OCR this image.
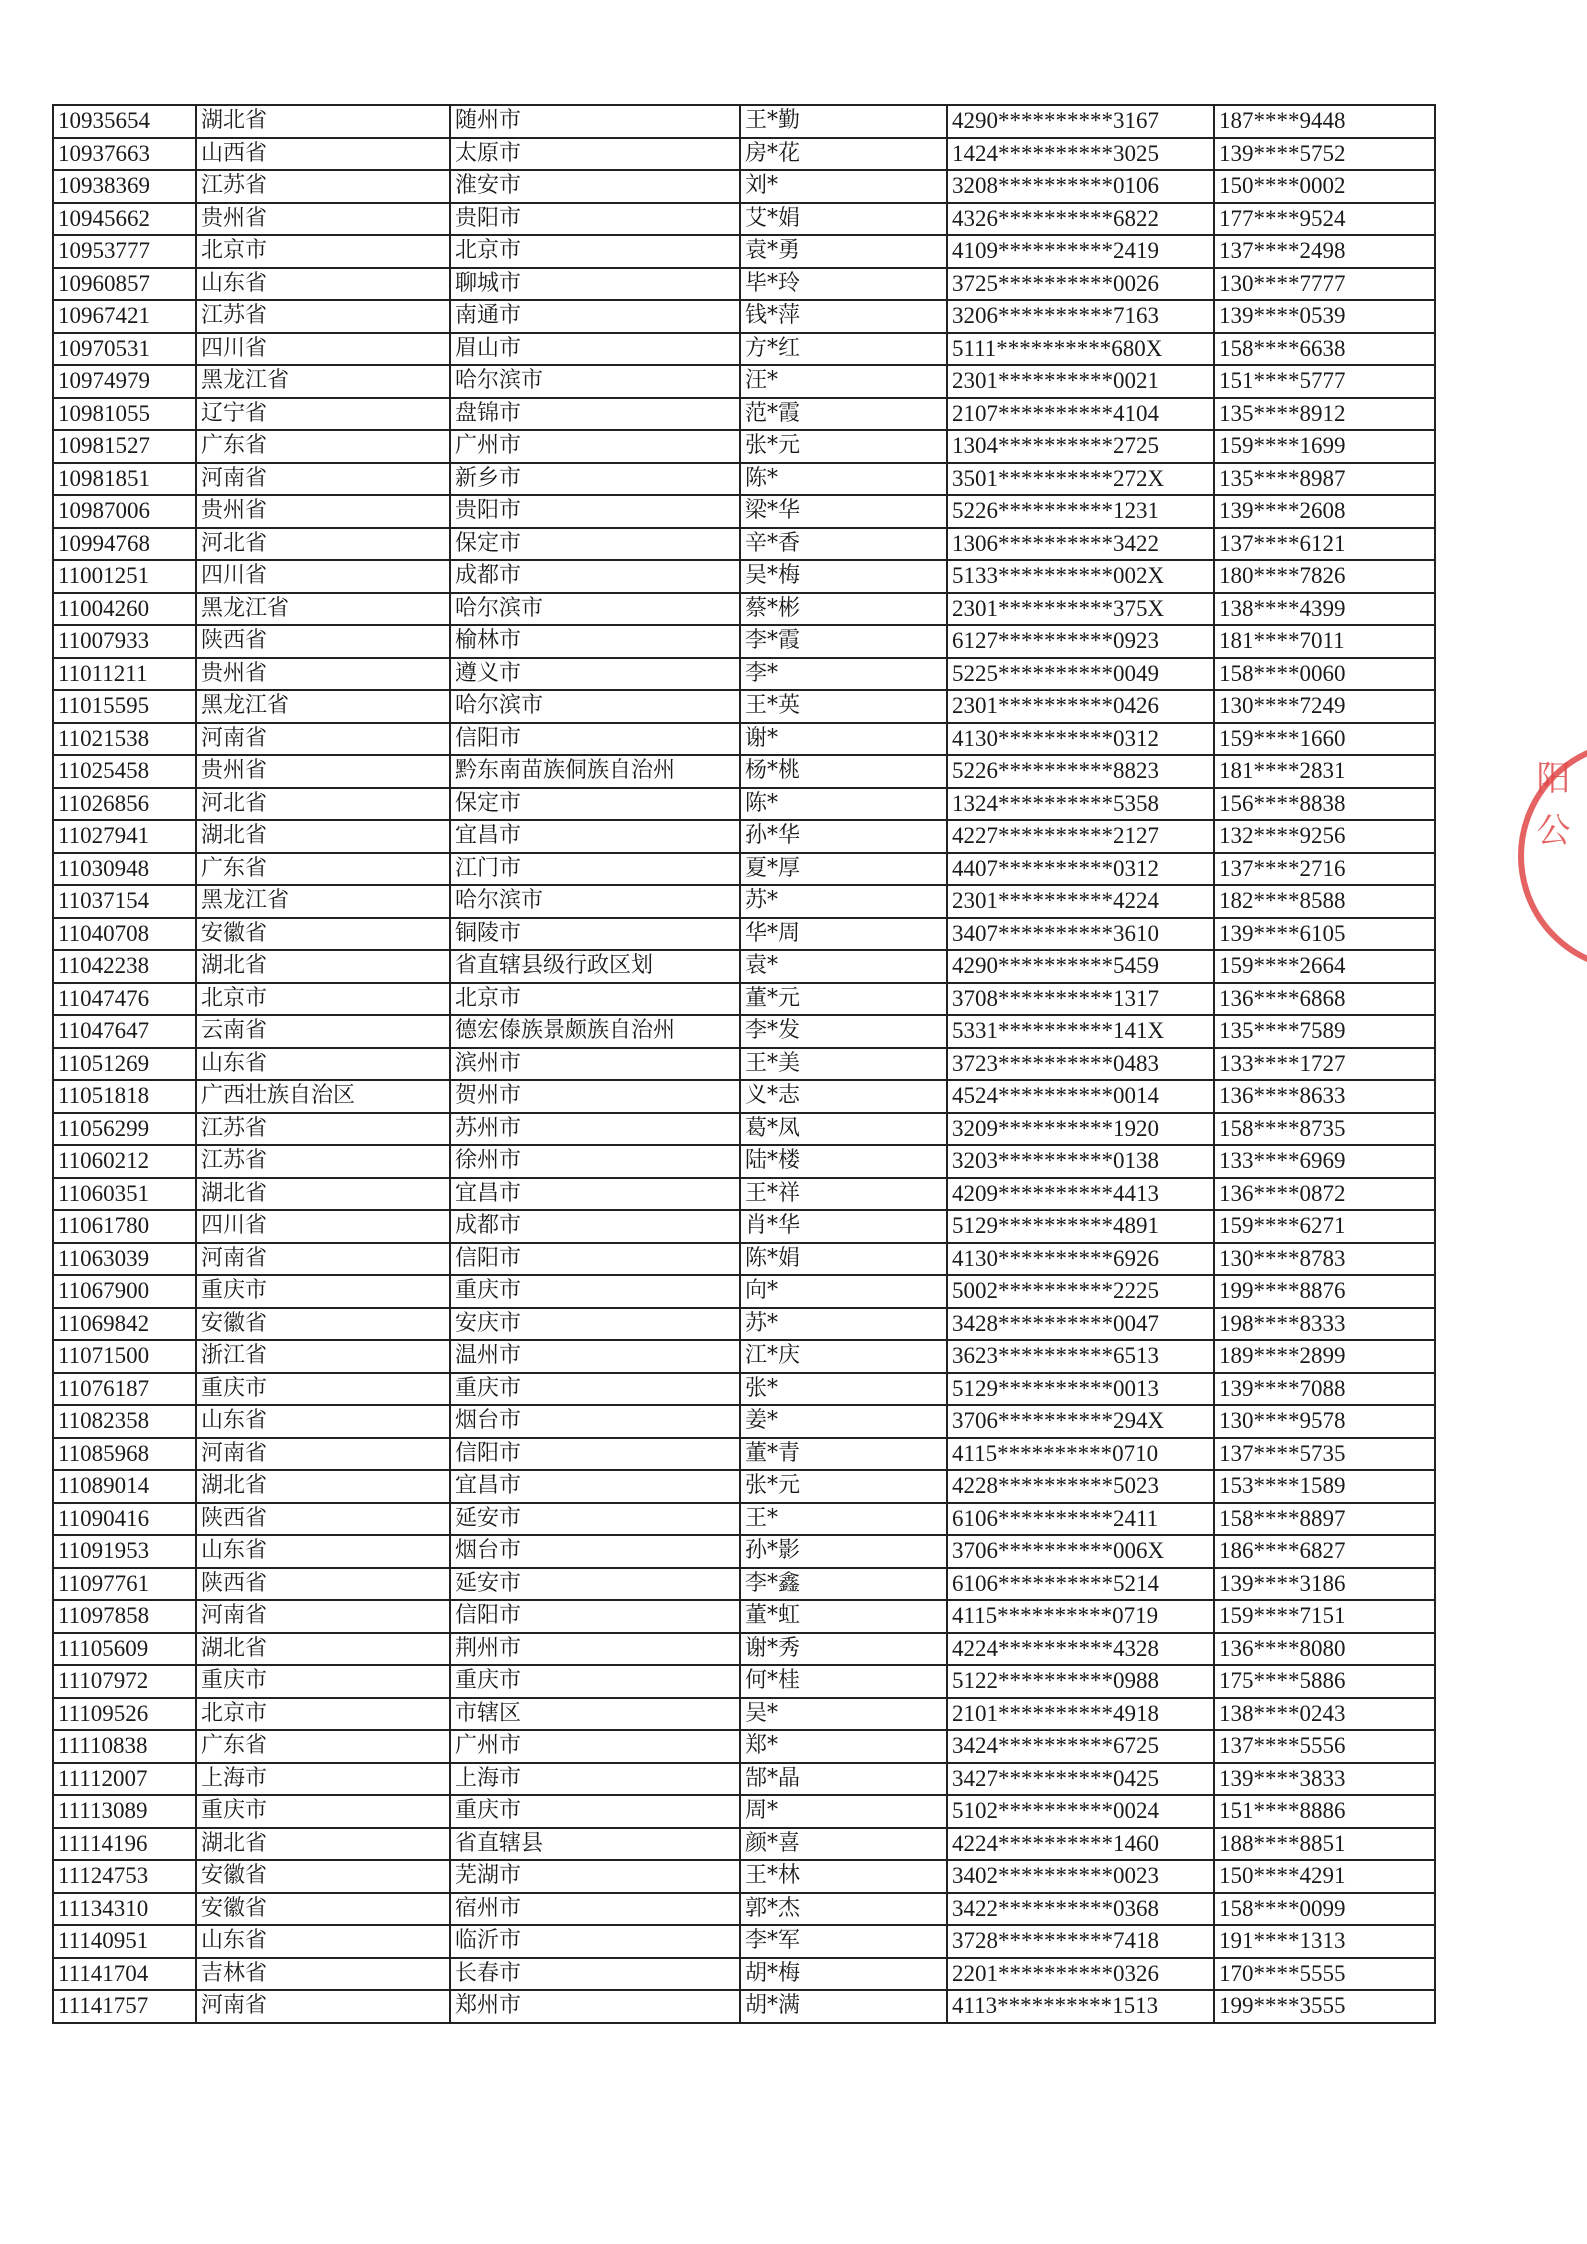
10935654	湖北省	随州市	王*勤	4290**********3167	187****9448
10937663	山西省	太原市	房*花	1424**********3025	139****5752
10938369	江苏省	淮安市	刘*	3208**********0106	150****0002
10945662	贵州省	贵阳市	艾*娟	4326**********6822	177****9524
10953777	北京市	北京市	袁*勇	4109**********2419	137****2498
10960857	山东省	聊城市	毕*玲	3725**********0026	130****7777
10967421	江苏省	南通市	钱*萍	3206**********7163	139****0539
10970531	四川省	眉山市	方*红	5111**********680X	158****6638
10974979	黑龙江省	哈尔滨市	汪*	2301**********0021	151****5777
10981055	辽宁省	盘锦市	范*霞	2107**********4104	135****8912
10981527	广东省	广州市	张*元	1304**********2725	159****1699
10981851	河南省	新乡市	陈*	3501**********272X	135****8987
10987006	贵州省	贵阳市	梁*华	5226**********1231	139****2608
10994768	河北省	保定市	辛*香	1306**********3422	137****6121
11001251	四川省	成都市	吴*梅	5133**********002X	180****7826
11004260	黑龙江省	哈尔滨市	蔡*彬	2301**********375X	138****4399
11007933	陕西省	榆林市	李*霞	6127**********0923	181****7011
11011211	贵州省	遵义市	李*	5225**********0049	158****0060
11015595	黑龙江省	哈尔滨市	王*英	2301**********0426	130****7249
11021538	河南省	信阳市	谢*	4130**********0312	159****1660
11025458	贵州省	黔东南苗族侗族自治州	杨*桃	5226**********8823	181****2831
11026856	河北省	保定市	陈*	1324**********5358	156****8838
11027941	湖北省	宜昌市	孙*华	4227**********2127	132****9256
11030948	广东省	江门市	夏*厚	4407**********0312	137****2716
11037154	黑龙江省	哈尔滨市	苏*	2301**********4224	182****8588
11040708	安徽省	铜陵市	华*周	3407**********3610	139****6105
11042238	湖北省	省直辖县级行政区划	袁*	4290**********5459	159****2664
11047476	北京市	北京市	董*元	3708**********1317	136****6868
11047647	云南省	德宏傣族景颇族自治州	李*发	5331**********141X	135****7589
11051269	山东省	滨州市	王*美	3723**********0483	133****1727
11051818	广西壮族自治区	贺州市	义*志	4524**********0014	136****8633
11056299	江苏省	苏州市	葛*凤	3209**********1920	158****8735
11060212	江苏省	徐州市	陆*楼	3203**********0138	133****6969
11060351	湖北省	宜昌市	王*祥	4209**********4413	136****0872
11061780	四川省	成都市	肖*华	5129**********4891	159****6271
11063039	河南省	信阳市	陈*娟	4130**********6926	130****8783
11067900	重庆市	重庆市	向*	5002**********2225	199****8876
11069842	安徽省	安庆市	苏*	3428**********0047	198****8333
11071500	浙江省	温州市	江*庆	3623**********6513	189****2899
11076187	重庆市	重庆市	张*	5129**********0013	139****7088
11082358	山东省	烟台市	姜*	3706**********294X	130****9578
11085968	河南省	信阳市	董*青	4115**********0710	137****5735
11089014	湖北省	宜昌市	张*元	4228**********5023	153****1589
11090416	陕西省	延安市	王*	6106**********2411	158****8897
11091953	山东省	烟台市	孙*影	3706**********006X	186****6827
11097761	陕西省	延安市	李*鑫	6106**********5214	139****3186
11097858	河南省	信阳市	董*虹	4115**********0719	159****7151
11105609	湖北省	荆州市	谢*秀	4224**********4328	136****8080
11107972	重庆市	重庆市	何*桂	5122**********0988	175****5886
11109526	北京市	市辖区	吴*	2101**********4918	138****0243
11110838	广东省	广州市	郑*	3424**********6725	137****5556
11112007	上海市	上海市	郜*晶	3427**********0425	139****3833
11113089	重庆市	重庆市	周*	5102**********0024	151****8886
11114196	湖北省	省直辖县	颜*喜	4224**********1460	188****8851
11124753	安徽省	芜湖市	王*林	3402**********0023	150****4291
11134310	安徽省	宿州市	郭*杰	3422**********0368	158****0099
11140951	山东省	临沂市	李*军	3728**********7418	191****1313
11141704	吉林省	长春市	胡*梅	2201**********0326	170****5555
11141757	河南省	郑州市	胡*满	4113**********1513	199****3555
阳公
